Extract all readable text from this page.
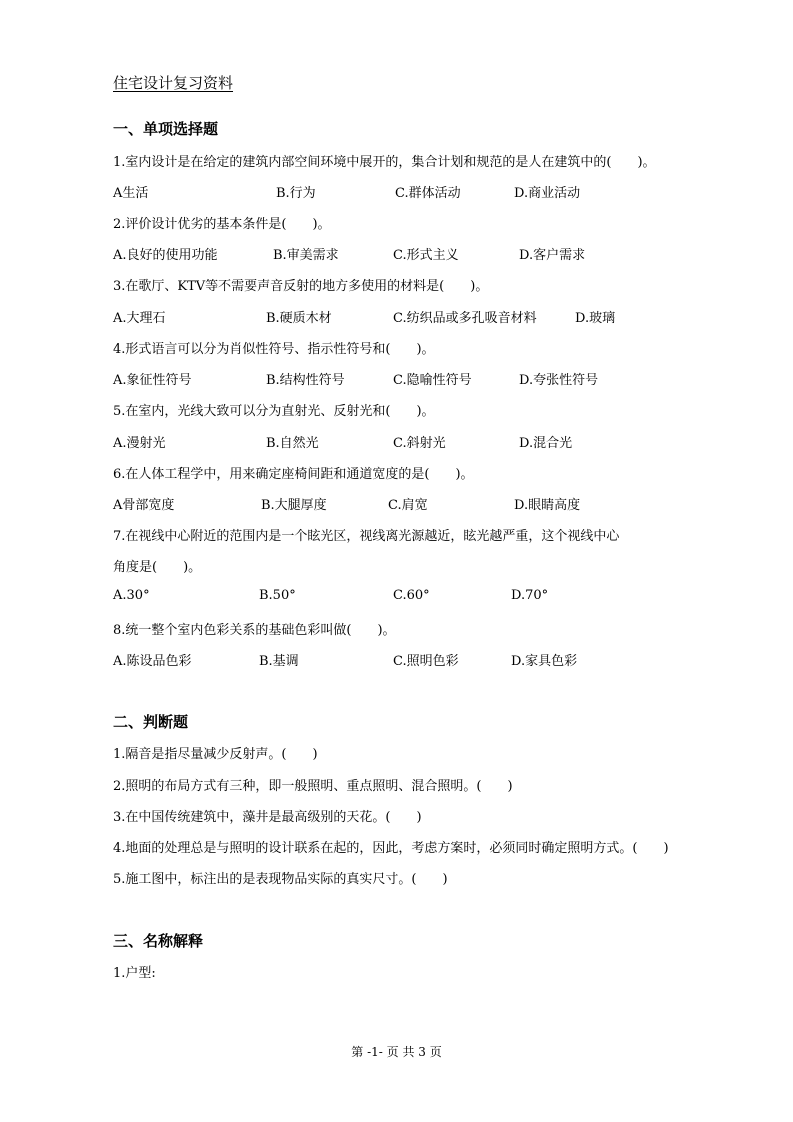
住宅设计复习资料
一、单项选择题
1.室内设计是在给定的建筑内部空间环境中展开的，集合计划和规范的是人在建筑中的(　　)。
A生活	B.行为	C.群体活动	D.商业活动
2.评价设计优劣的基本条件是(　　)。
A.良好的使用功能	B.审美需求	C.形式主义	D.客户需求
3.在歌厅、KTV等不需要声音反射的地方多使用的材料是(　　)。
A.大理石	B.硬质木材	C.纺织品或多孔吸音材料	D.玻璃
4.形式语言可以分为肖似性符号、指示性符号和(　　)。
A.象征性符号	B.结构性符号	C.隐喻性符号	D.夸张性符号
5.在室内，光线大致可以分为直射光、反射光和(　　)。
A.漫射光	B.自然光	C.斜射光	D.混合光
6.在人体工程学中，用来确定座椅间距和通道宽度的是(　　)。
A骨部宽度	B.大腿厚度	C.肩宽	D.眼睛高度
7.在视线中心附近的范围内是一个眩光区，视线离光源越近，眩光越严重，这个视线中心
角度是(　　)。
A.30°	B.50°	C.60°	D.70°
8.统一整个室内色彩关系的基础色彩叫做(　　)。
A.陈设品色彩	B.基调	C.照明色彩	D.家具色彩
二、判断题
1.隔音是指尽量减少反射声。(　　)
2.照明的布局方式有三种，即一般照明、重点照明、混合照明。(　　)
3.在中国传统建筑中，藻井是最高级别的天花。(　　)
4.地面的处理总是与照明的设计联系在起的，因此，考虑方案时，必须同时确定照明方式。(　　)
5.施工图中，标注出的是表现物品实际的真实尺寸。(　　)
三、名称解释
1.户型:
第 -1- 页 共 3 页
